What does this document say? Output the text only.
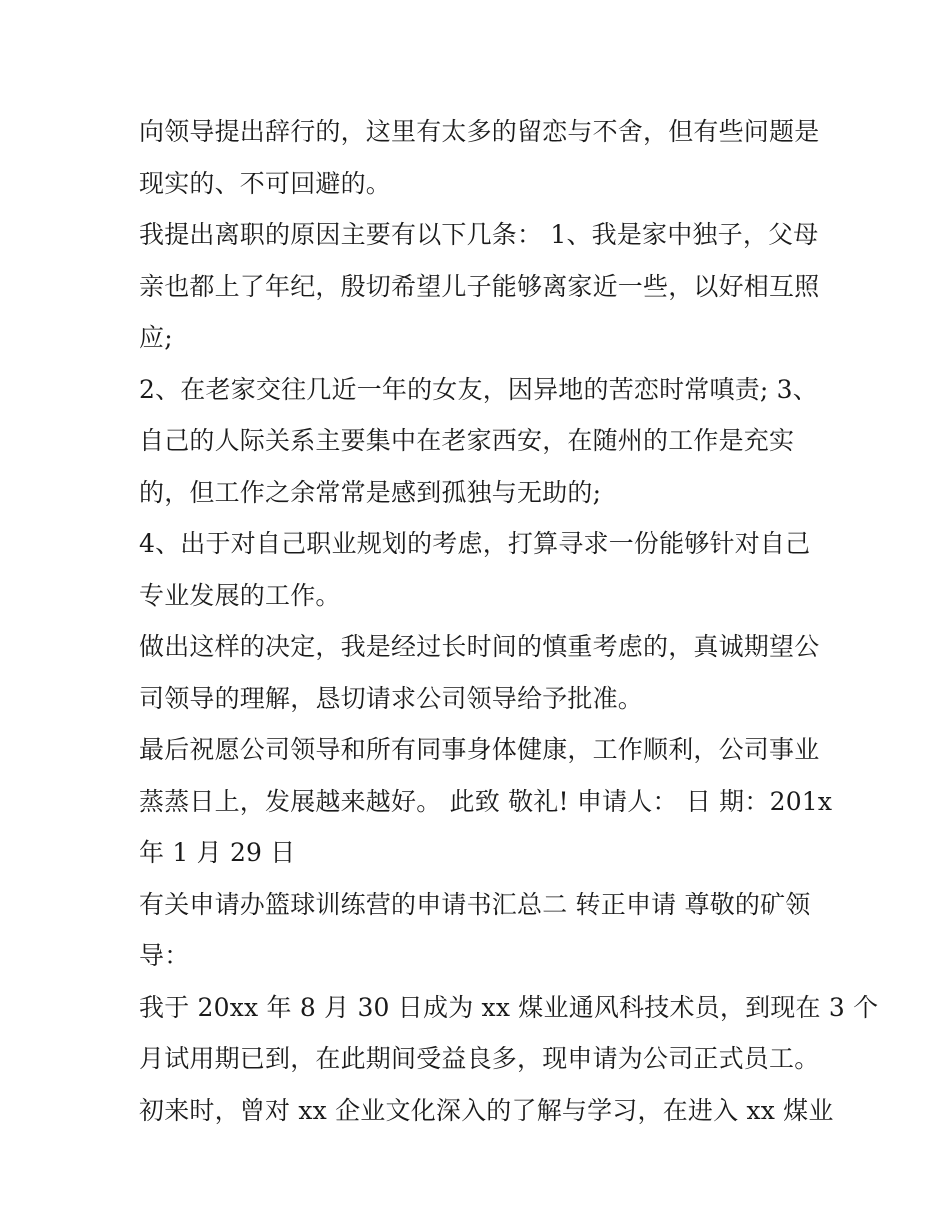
向领导提出辞行的，这里有太多的留恋与不舍，但有些问题是
现实的、不可回避的。
我提出离职的原因主要有以下几条： 1、我是家中独子，父母
亲也都上了年纪，殷切希望儿子能够离家近一些，以好相互照
应;
2、在老家交往几近一年的女友，因异地的苦恋时常嗔责; 3、
自己的人际关系主要集中在老家西安，在随州的工作是充实
的，但工作之余常常是感到孤独与无助的;
4、出于对自己职业规划的考虑，打算寻求一份能够针对自己
专业发展的工作。
做出这样的决定，我是经过长时间的慎重考虑的，真诚期望公
司领导的理解，恳切请求公司领导给予批准。
最后祝愿公司领导和所有同事身体健康，工作顺利，公司事业
蒸蒸日上，发展越来越好。 此致 敬礼! 申请人： 日 期：201x
年 1 月 29 日
有关申请办篮球训练营的申请书汇总二 转正申请 尊敬的矿领
导：
我于 20xx 年 8 月 30 日成为 xx 煤业通风科技术员，到现在 3 个
月试用期已到，在此期间受益良多，现申请为公司正式员工。
初来时，曾对 xx 企业文化深入的了解与学习，在进入 xx 煤业
